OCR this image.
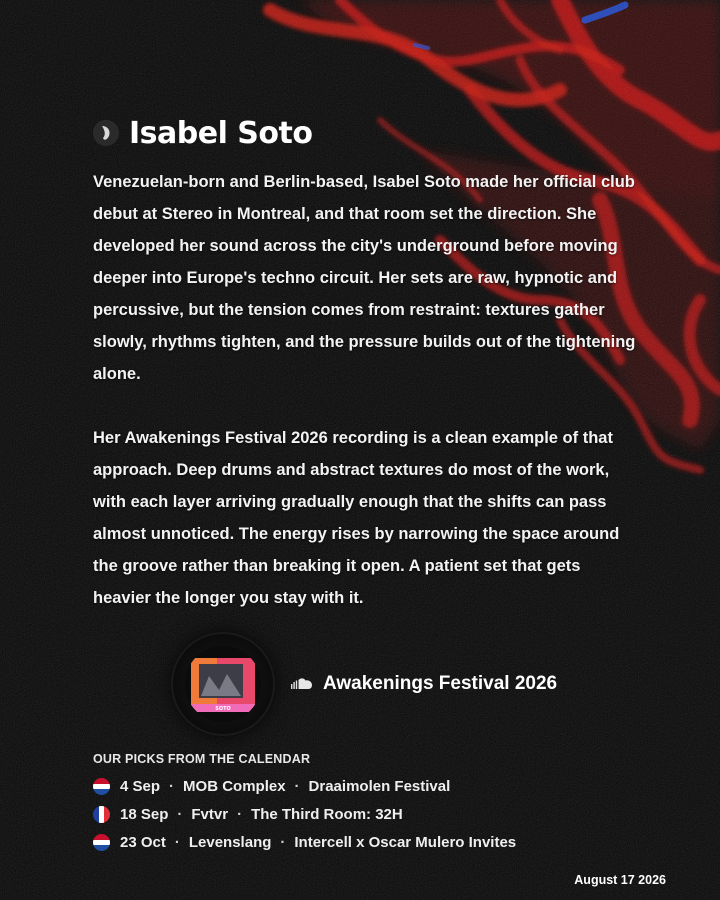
Isabel Soto

Venezuelan-born and Berlin-based, Isabel Soto made her official club debut at Stereo in Montreal, and that room set the direction. She developed her sound across the city's underground before moving deeper into Europe's techno circuit. Her sets are raw, hypnotic and percussive, but the tension comes from restraint: textures gather slowly, rhythms tighten, and the pressure builds out of the tightening alone.

Her Awakenings Festival 2026 recording is a clean example of that approach. Deep drums and abstract textures do most of the work, with each layer arriving gradually enough that the shifts can pass almost unnoticed. The energy rises by narrowing the space around the groove rather than breaking it open. A patient set that gets heavier the longer you stay with it.

SOTO
Awakenings Festival 2026
OUR PICKS FROM THE CALENDAR
4 Sep · MOB Complex · Draaimolen Festival
18 Sep · Fvtvr · The Third Room: 32H
23 Oct · Levenslang · Intercell x Oscar Mulero Invites
August 17 2026
